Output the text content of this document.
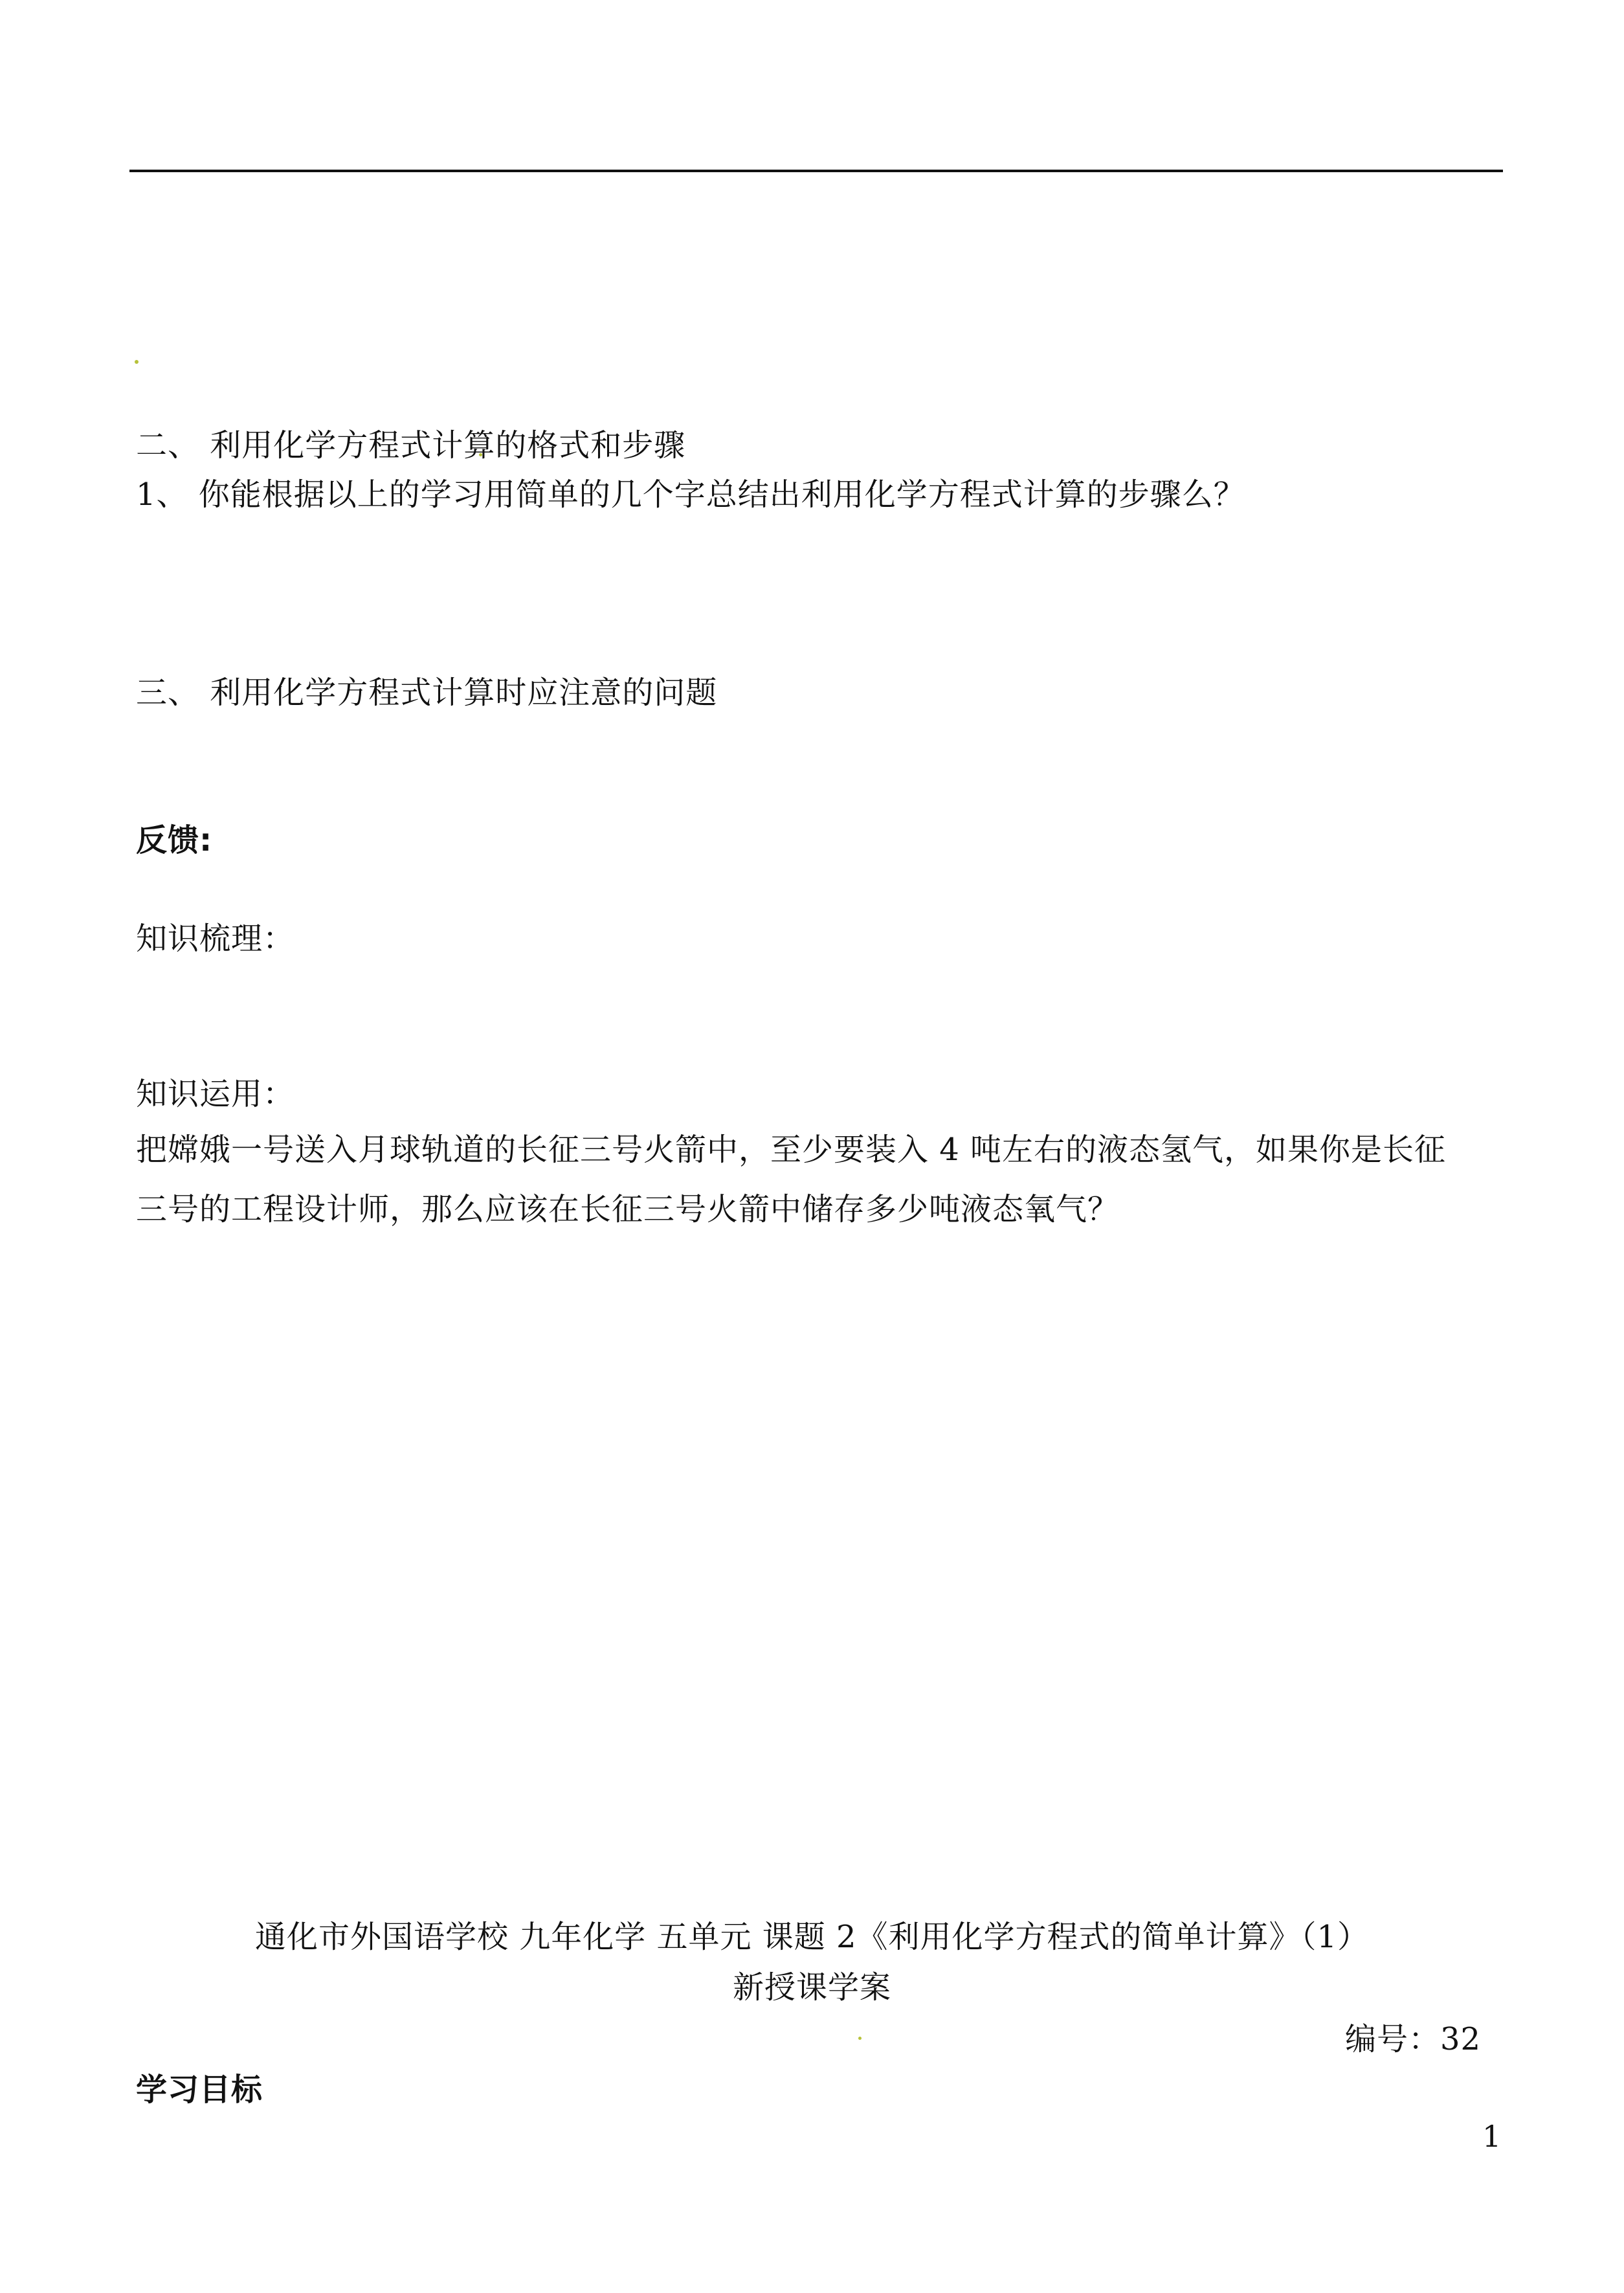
二、 利用化学方程式计算的格式和步骤
1、 你能根据以上的学习用简单的几个字总结出利用化学方程式计算的步骤么？
三、 利用化学方程式计算时应注意的问题
反馈:
知识梳理：
知识运用：
把嫦娥一号送入月球轨道的长征三号火箭中，至少要装入 4 吨左右的液态氢气，如果你是长征
三号的工程设计师，那么应该在长征三号火箭中储存多少吨液态氧气？
通化市外国语学校 九年化学 五单元 课题 2《利用化学方程式的简单计算》（1）
新授课学案
编号：32
学习目标
1
